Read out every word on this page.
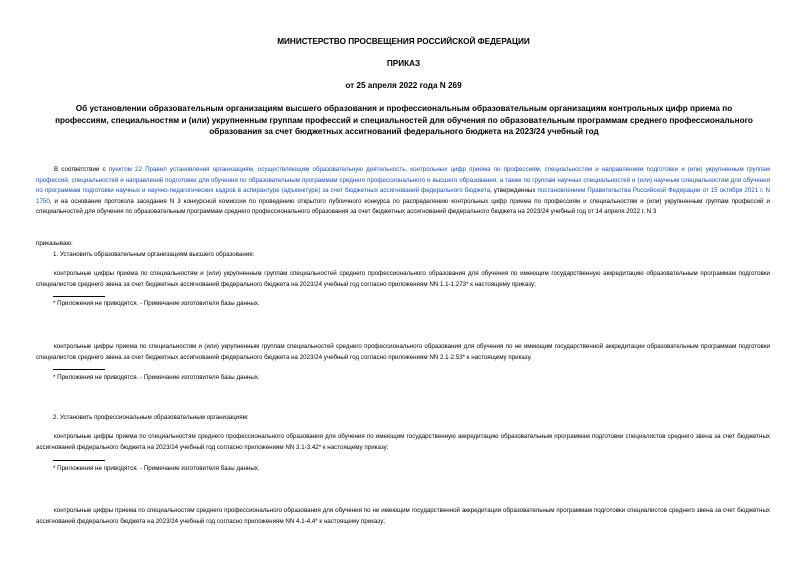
МИНИСТЕРСТВО ПРОСВЕЩЕНИЯ РОССИЙСКОЙ ФЕДЕРАЦИИ
ПРИКАЗ
от 25 апреля 2022 года N 269
Об установлении образовательным организациям высшего образования и профессиональным образовательным организациям контрольных цифр приема по профессиям, специальностям и (или) укрупненным группам профессий и специальностей для обучения по образовательным программам среднего профессионального образования за счет бюджетных ассигнований федерального бюджета на 2023/24 учебный год
В соответствии с пунктом 22 Правил установления организациям, осуществляющим образовательную деятельность, контрольных цифр приема по профессиям, специальностям и направлениям подготовки и (или) укрупненным группам профессий, специальностей и направлений подготовки для обучения по образовательным программам среднего профессионального и высшего образования, а также по группам научных специальностей и (или) научным специальностям для обучения по программам подготовки научных и научно-педагогических кадров в аспирантуре (адъюнктуре) за счет бюджетных ассигнований федерального бюджета, утвержденных постановлением Правительства Российской Федерации от 15 октября 2021 г. N 1750, и на основании протокола заседания N 3 конкурсной комиссии по проведению открытого публичного конкурса по распределению контрольных цифр приема по профессиям и специальностям и (или) укрупненным группам профессий и специальностей для обучения по образовательным программам среднего профессионального образования за счет бюджетных ассигнований федерального бюджета на 2023/24 учебный год от 14 апреля 2022 г. N 3
приказываю:
1. Установить образовательным организациям высшего образования:
контрольные цифры приема по специальностям и (или) укрупненным группам специальностей среднего профессионального образования для обучения по имеющим государственную аккредитацию образовательным программам подготовки специалистов среднего звена за счет бюджетных ассигнований федерального бюджета на 2023/24 учебный год согласно приложениям NN 1.1-1.273* к настоящему приказу;
* Приложения не приводятся. - Примечание изготовителя базы данных.
контрольные цифры приема по специальностям и (или) укрупненным группам специальностей среднего профессионального образования для обучения по не имеющим государственной аккредитации образовательным программам подготовки специалистов среднего звена за счет бюджетных ассигнований федерального бюджета на 2023/24 учебный год согласно приложениям NN 2.1-2.53* к настоящему приказу.
* Приложения не приводятся. - Примечание изготовителя базы данных.
2. Установить профессиональным образовательным организациям:
контрольные цифры приема по специальностям среднего профессионального образования для обучения по имеющим государственную аккредитацию образовательным программам подготовки специалистов среднего звена за счет бюджетных ассигнований федерального бюджета на 2023/24 учебный год согласно приложениям NN 3.1-3.42* к настоящему приказу;
* Приложения не приводятся. - Примечание изготовителя базы данных.
контрольные цифры приема по специальностям среднего профессионального образования для обучения по не имеющим государственной аккредитации образовательным программам подготовки специалистов среднего звена за счет бюджетных ассигнований федерального бюджета на 2023/24 учебный год согласно приложениям NN 4.1-4.4* к настоящему приказу;
